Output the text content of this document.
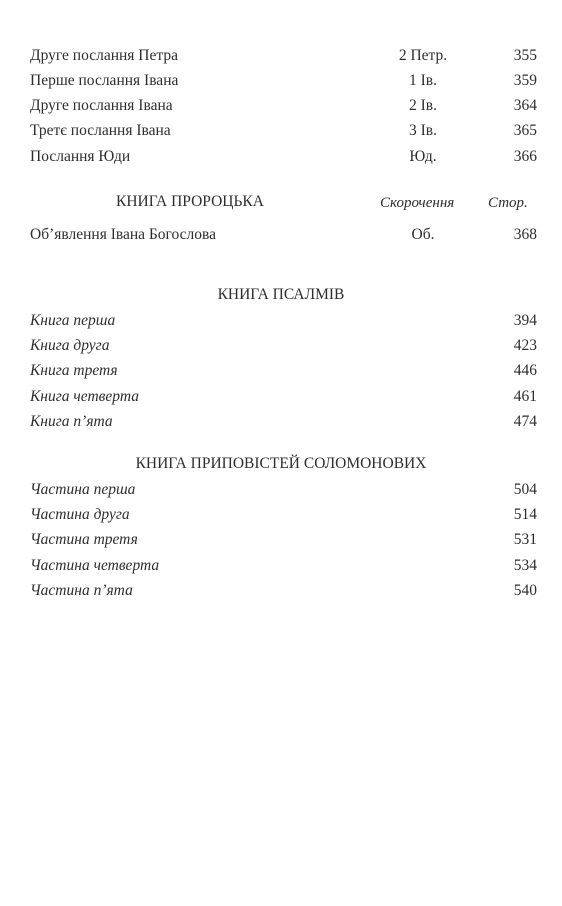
Друге послання Петра	2 Петр.	355
Перше послання Івана	1 Ів.	359
Друге послання Івана	2 Ів.	364
Третє послання Івана	3 Ів.	365
Послання Юди	Юд.	366
КНИГА ПРОРОЦЬКА	Скорочення Стор.
Об’явлення Івана Богослова	Об.	368
КНИГА ПСАЛМІВ
Книга перша	394
Книга друга	423
Книга третя	446
Книга четверта	461
Книга п’ята	474
КНИГА ПРИПОВІСТЕЙ СОЛОМОНОВИХ
Частина перша	504
Частина друга	514
Частина третя	531
Частина четверта	534
Частина п’ята	540
